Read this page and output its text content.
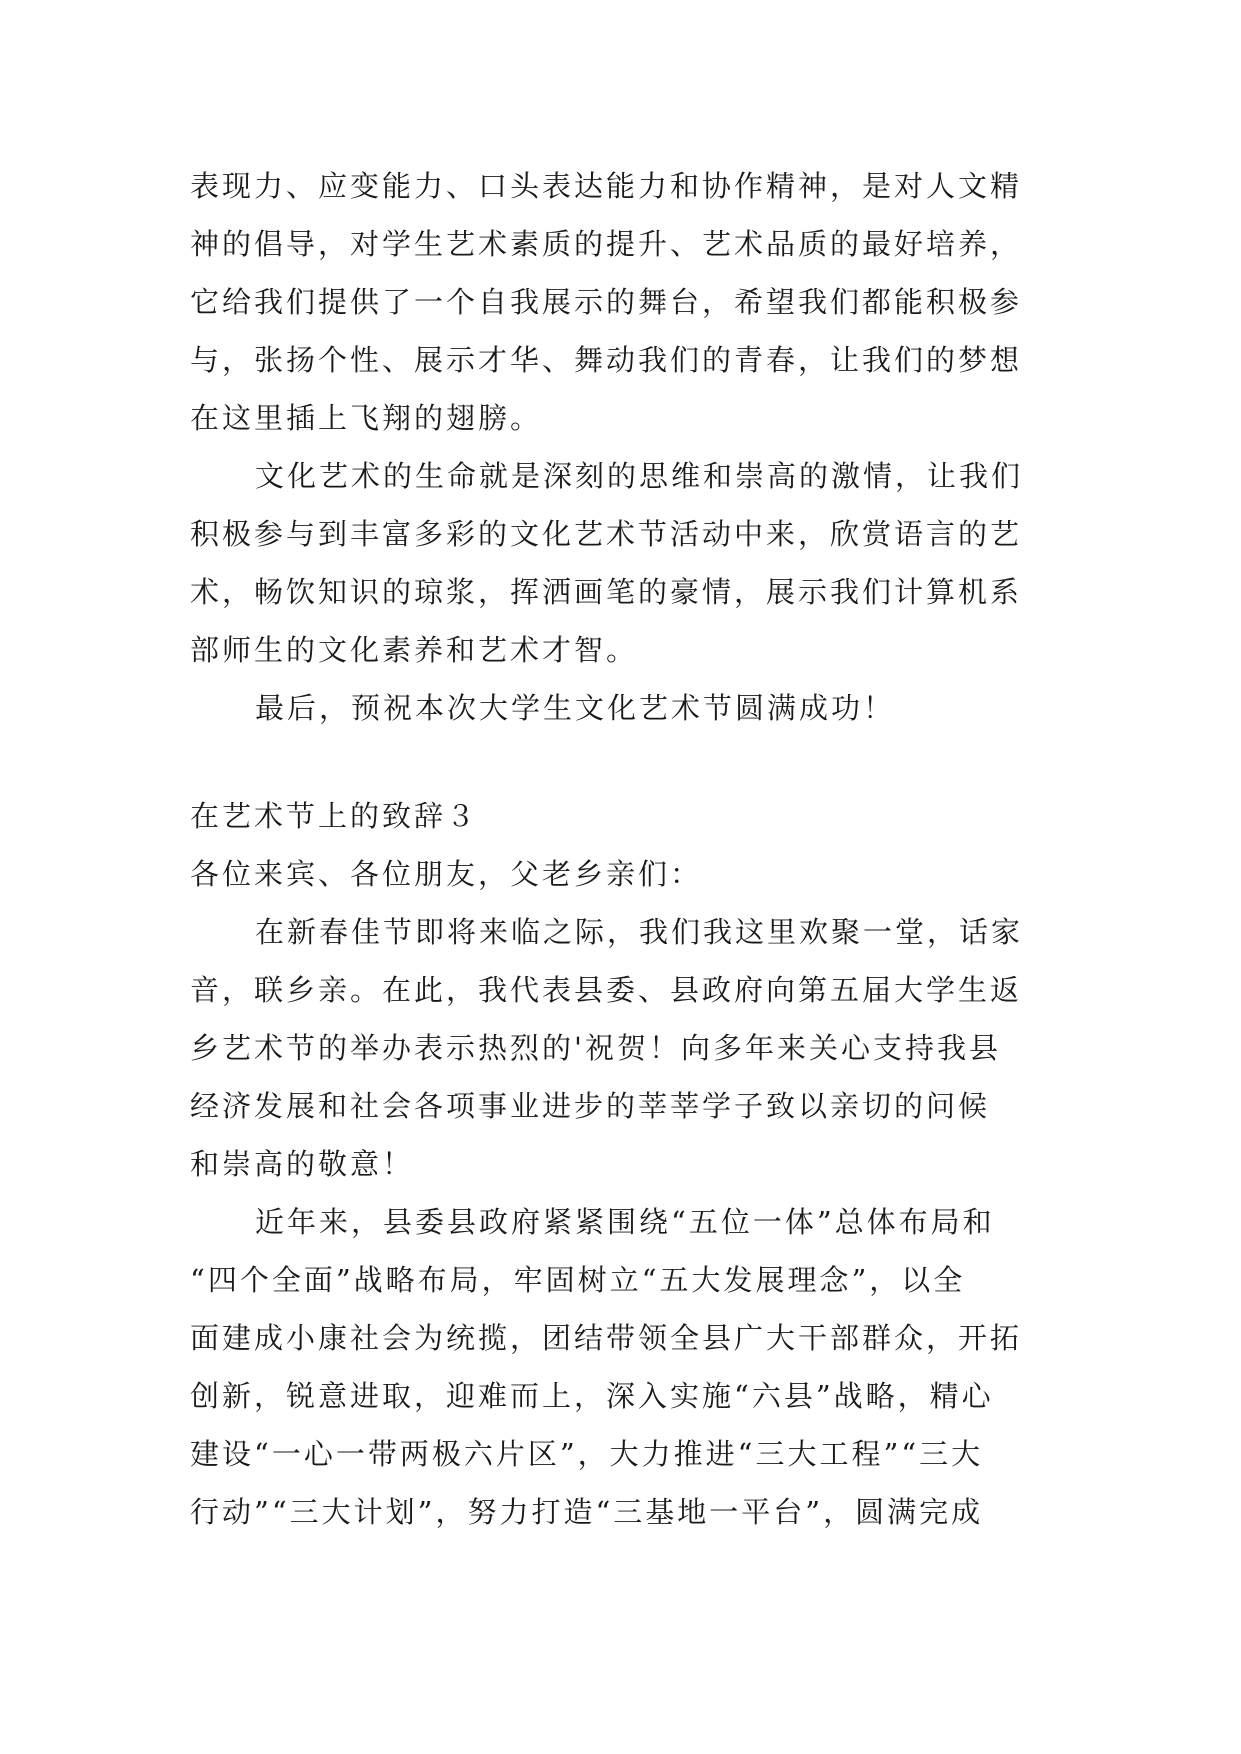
表现力、应变能力、口头表达能力和协作精神，是对人文精
神的倡导，对学生艺术素质的提升、艺术品质的最好培养，
它给我们提供了一个自我展示的舞台，希望我们都能积极参
与，张扬个性、展示才华、舞动我们的青春，让我们的梦想
在这里插上飞翔的翅膀。
文化艺术的生命就是深刻的思维和崇高的激情，让我们
积极参与到丰富多彩的文化艺术节活动中来，欣赏语言的艺
术，畅饮知识的琼浆，挥洒画笔的豪情，展示我们计算机系
部师生的文化素养和艺术才智。
最后，预祝本次大学生文化艺术节圆满成功！
在艺术节上的致辞３
各位来宾、各位朋友，父老乡亲们：
在新春佳节即将来临之际，我们我这里欢聚一堂，话家
音，联乡亲。在此，我代表县委、县政府向第五届大学生返
乡艺术节的举办表示热烈的'祝贺！向多年来关心支持我县
经济发展和社会各项事业进步的莘莘学子致以亲切的问候
和崇高的敬意！
近年来，县委县政府紧紧围绕“五位一体”总体布局和
“四个全面”战略布局，牢固树立“五大发展理念”，以全
面建成小康社会为统揽，团结带领全县广大干部群众，开拓
创新，锐意进取，迎难而上，深入实施“六县”战略，精心
建设“一心一带两极六片区”，大力推进“三大工程”“三大
行动”“三大计划”，努力打造“三基地一平台”，圆满完成
